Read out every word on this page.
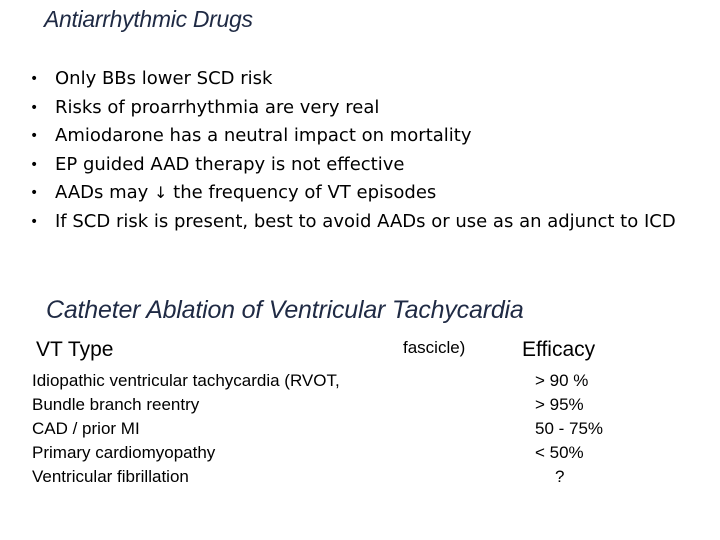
Antiarrhythmic Drugs
• Only BBs lower SCD risk
• Risks of proarrhythmia are very real
• Amiodarone has a neutral impact on mortality
• EP guided AAD therapy is not effective
• AADs may ↓ the frequency of VT episodes
• If SCD risk is present, best to avoid AADs or use as an adjunct to ICD
Catheter Ablation of Ventricular Tachycardia
VT Type	fascicle)	Efficacy
Idiopathic ventricular tachycardia (RVOT,
Bundle branch reentry
CAD / prior MI
Primary cardiomyopathy
Ventricular fibrillation
> 90 %
> 95%
50 - 75%
< 50%
?
